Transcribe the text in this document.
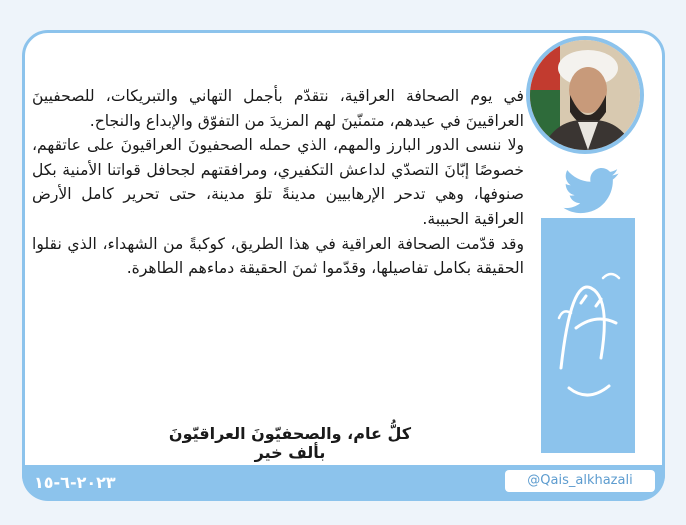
في يوم الصحافة العراقية، نتقدّم بأجمل التهاني والتبريكات، للصحفيينَ العراقيينَ في عيدهم، متمنّينَ لهم المزيدَ من التفوّق والإبداع والنجاح.

ولا ننسى الدور البارز والمهم، الذي حمله الصحفيونَ العراقيونَ على عاتقهم، خصوصًا إبّانَ التصدّي لداعش التكفيري، ومرافقتهم لجحافل قواتنا الأمنية بكل صنوفها، وهي تدحر الإرهابيين مدينةً تلوَ مدينة، حتى تحرير كامل الأرض العراقية الحبيبة.

وقد قدّمت الصحافة العراقية في هذا الطريق، كوكبةً من الشهداء، الذي نقلوا الحقيقة بكامل تفاصيلها، وقدّموا ثمنَ الحقيقة دماءهم الطاهرة.

كلُّ عام، والصحفيّونَ العراقيّونَ بألف خير
٢٠٢٣-٦-١٥	@Qais_alkhazali
